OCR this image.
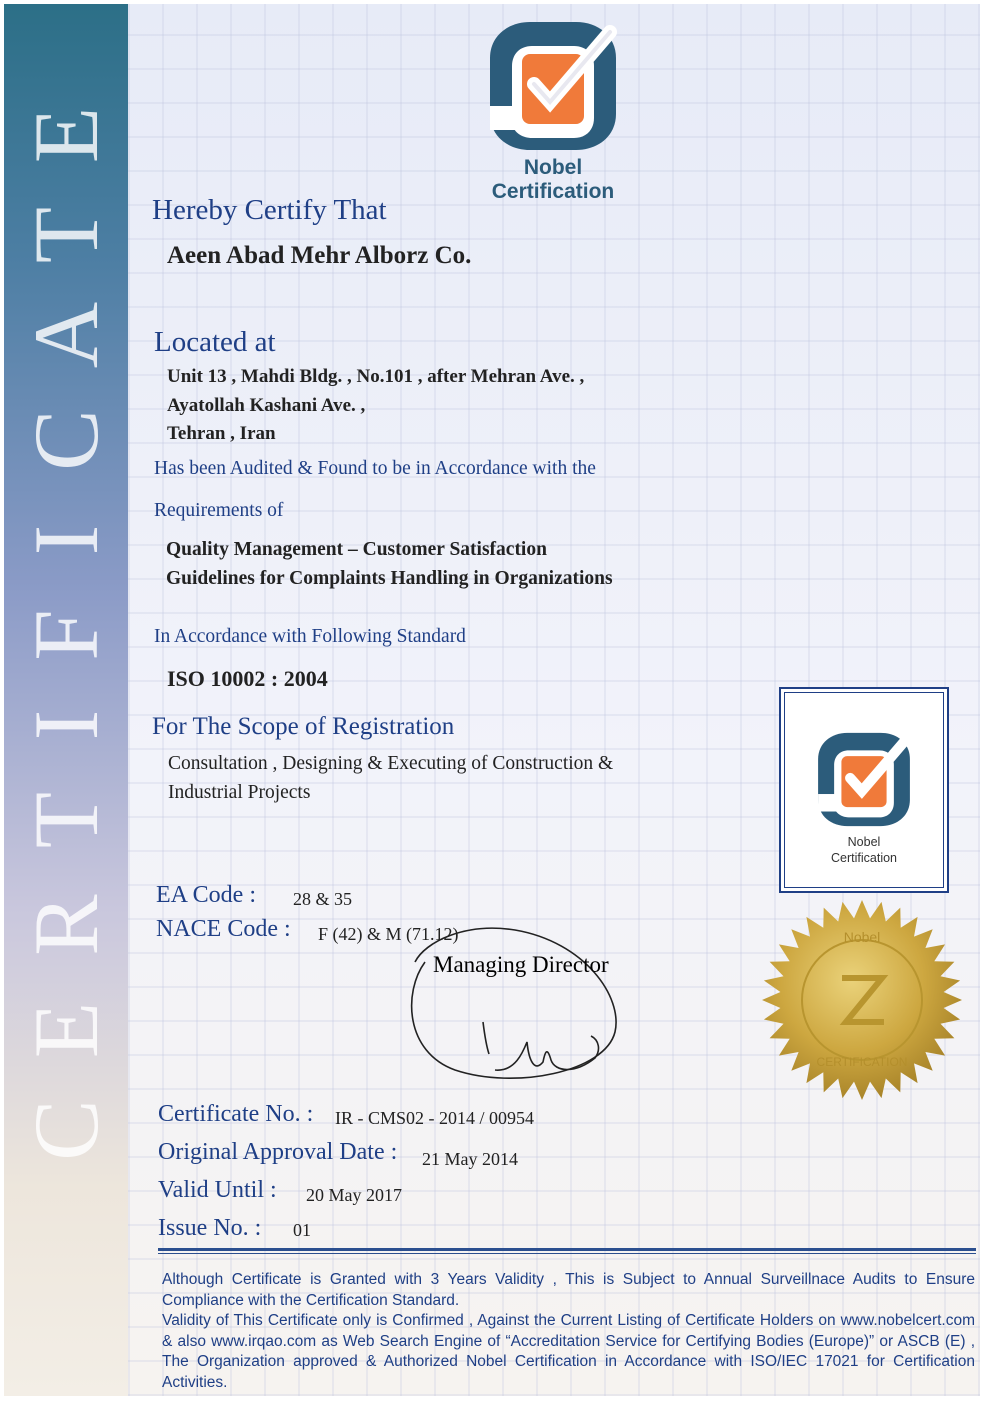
C
E
R
T
I
F
I
C
A
T
E
Nobel
Certification
Hereby Certify That
Aeen Abad Mehr Alborz Co.
Located at
Unit 13 , Mahdi Bldg. , No.101 , after Mehran Ave. ,
Ayatollah Kashani Ave. ,
Tehran , Iran
Has been Audited & Found to be in Accordance with the
Requirements of
Quality Management – Customer Satisfaction
Guidelines for Complaints Handling in Organizations
In Accordance with Following Standard
ISO 10002 : 2004
For The Scope of Registration
Consultation , Designing & Executing of Construction &
Industrial Projects
EA Code : 28 & 35
NACE Code : F (42) & M (71.12)
Managing Director
Nobel
Certification
Nobel
CERTIFICATION
Certificate No. : IR - CMS02 - 2014 / 00954
Original Approval Date : 21 May 2014
Valid Until : 20 May 2017
Issue No. : 01

Although Certificate is Granted with 3 Years Validity , This is Subject to Annual Surveillnace Audits to Ensure Compliance with the Certification Standard.

Validity of This Certificate only is Confirmed , Against the Current Listing of Certificate Holders on www.nobelcert.com & also www.irqao.com as Web Search Engine of “Accreditation Service for Certifying Bodies (Europe)” or ASCB (E) , The Organization approved & Authorized Nobel Certification in Accordance with ISO/IEC 17021 for Certification Activities.
